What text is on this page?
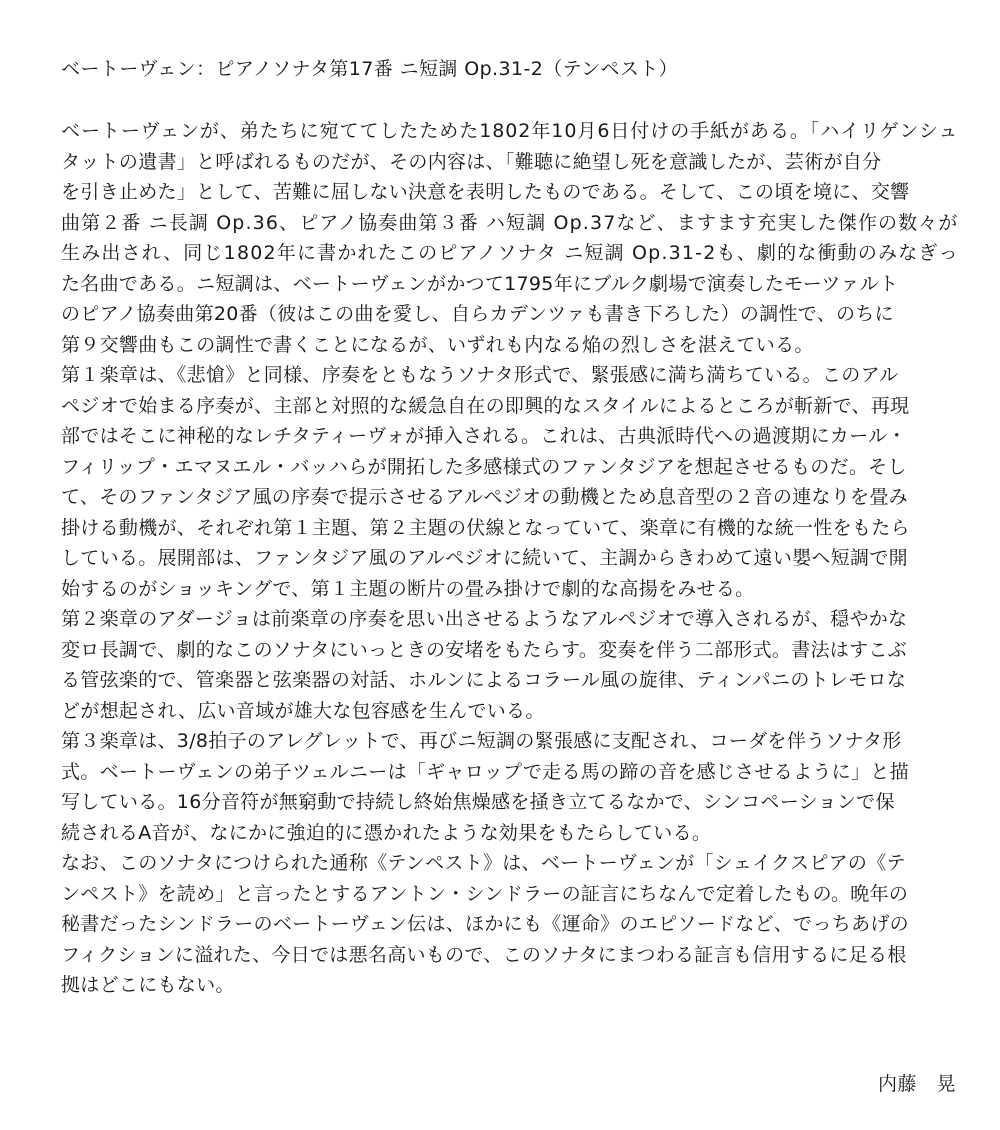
ベートーヴェン：ピアノソナタ第17番 ニ短調 Op.31-2（テンペスト）
ベートーヴェンが、弟たちに宛ててしたためた1802年10月6日付けの手紙がある。「ハイリゲンシュ
タットの遺書」と呼ばれるものだが、その内容は、「難聴に絶望し死を意識したが、芸術が自分
を引き止めた」として、苦難に屈しない決意を表明したものである。そして、この頃を境に、交響
曲第２番 ニ長調 Op.36、ピアノ協奏曲第３番 ハ短調 Op.37など、ますます充実した傑作の数々が
生み出され、同じ1802年に書かれたこのピアノソナタ ニ短調 Op.31-2も、劇的な衝動のみなぎっ
た名曲である。ニ短調は、ベートーヴェンがかつて1795年にブルク劇場で演奏したモーツァルト
のピアノ協奏曲第20番（彼はこの曲を愛し、自らカデンツァも書き下ろした）の調性で、のちに
第９交響曲もこの調性で書くことになるが、いずれも内なる焔の烈しさを湛えている。
第１楽章は、《悲愴》と同様、序奏をともなうソナタ形式で、緊張感に満ち満ちている。このアル
ペジオで始まる序奏が、主部と対照的な緩急自在の即興的なスタイルによるところが斬新で、再現
部ではそこに神秘的なレチタティーヴォが挿入される。これは、古典派時代への過渡期にカール・
フィリップ・エマヌエル・バッハらが開拓した多感様式のファンタジアを想起させるものだ。そし
て、そのファンタジア風の序奏で提示させるアルペジオの動機とため息音型の２音の連なりを畳み
掛ける動機が、それぞれ第１主題、第２主題の伏線となっていて、楽章に有機的な統一性をもたら
している。展開部は、ファンタジア風のアルペジオに続いて、主調からきわめて遠い嬰ヘ短調で開
始するのがショッキングで、第１主題の断片の畳み掛けで劇的な高揚をみせる。
第２楽章のアダージョは前楽章の序奏を思い出させるようなアルペジオで導入されるが、穏やかな
変ロ長調で、劇的なこのソナタにいっときの安堵をもたらす。変奏を伴う二部形式。書法はすこぶ
る管弦楽的で、管楽器と弦楽器の対話、ホルンによるコラール風の旋律、ティンパニのトレモロな
どが想起され、広い音域が雄大な包容感を生んでいる。
第３楽章は、3/8拍子のアレグレットで、再びニ短調の緊張感に支配され、コーダを伴うソナタ形
式。ベートーヴェンの弟子ツェルニーは「ギャロップで走る馬の蹄の音を感じさせるように」と描
写している。16分音符が無窮動で持続し終始焦燥感を掻き立てるなかで、シンコペーションで保
続されるA音が、なにかに強迫的に憑かれたような効果をもたらしている。
なお、このソナタにつけられた通称《テンペスト》は、ベートーヴェンが「シェイクスピアの《テ
ンペスト》を読め」と言ったとするアントン・シンドラーの証言にちなんで定着したもの。晩年の
秘書だったシンドラーのベートーヴェン伝は、ほかにも《運命》のエピソードなど、でっちあげの
フィクションに溢れた、今日では悪名高いもので、このソナタにまつわる証言も信用するに足る根
拠はどこにもない。
内藤　晃
